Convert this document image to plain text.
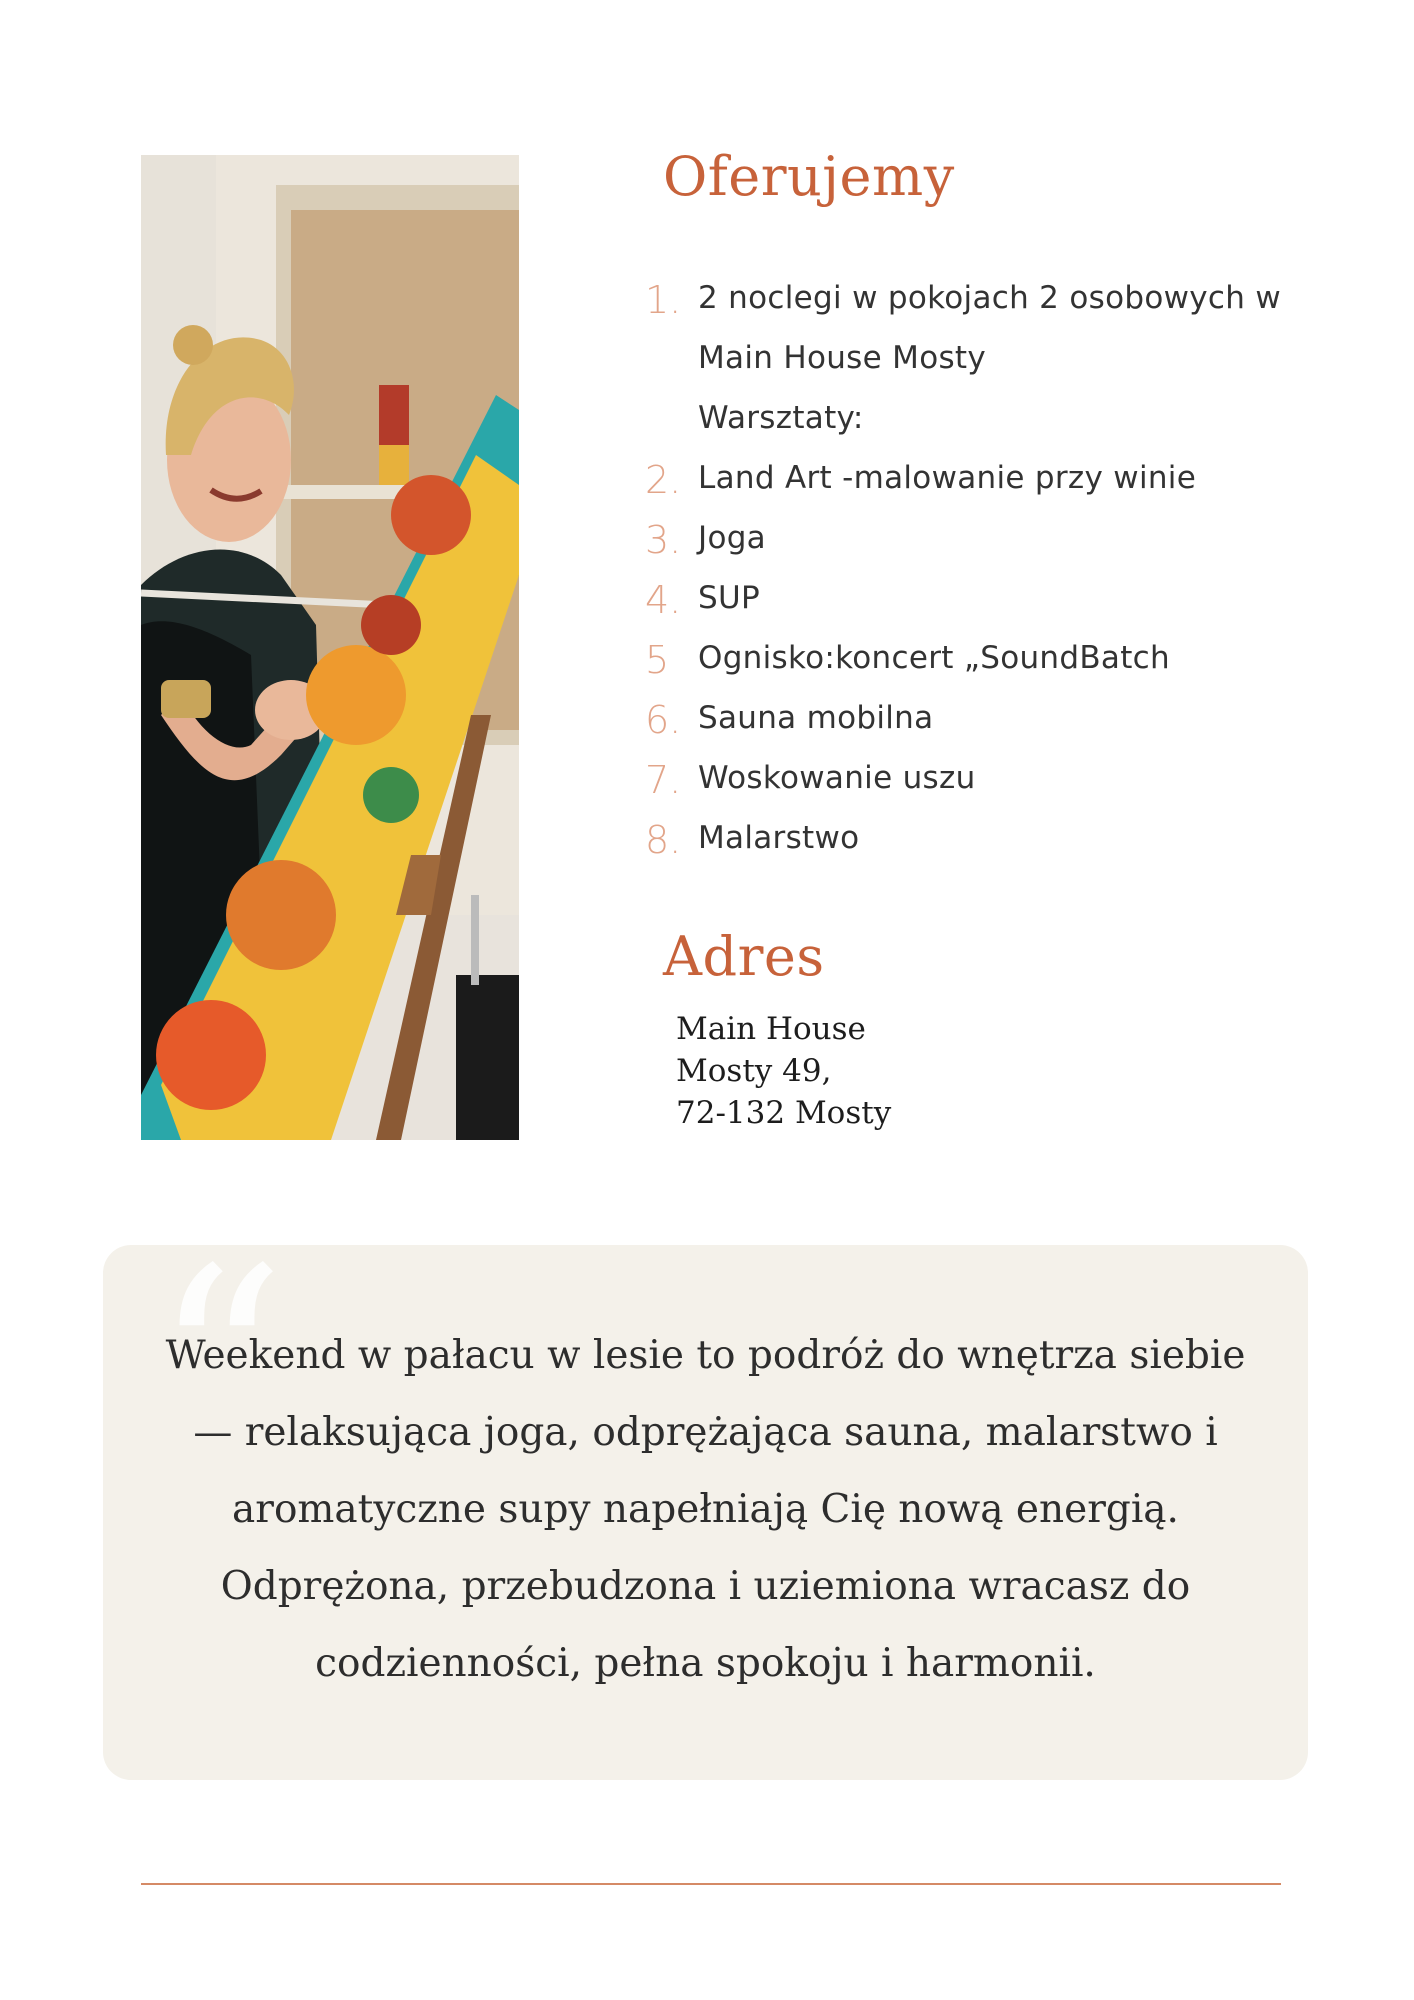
Oferujemy
1. 2 noclegi w pokojach 2 osobowych w
Main House Mosty
Warsztaty:
2. Land Art -malowanie przy winie
3. Joga
4. SUP
5 Ognisko:koncert „SoundBatch
6. Sauna mobilna
7. Woskowanie uszu
8. Malarstwo
Adres
Main House
Mosty 49,
72-132 Mosty
“
Weekend w pałacu w lesie to podróż do wnętrza siebie
— relaksująca joga, odprężająca sauna, malarstwo i
aromatyczne supy napełniają Cię nową energią.
Odprężona, przebudzona i uziemiona wracasz do
codzienności, pełna spokoju i harmonii.
